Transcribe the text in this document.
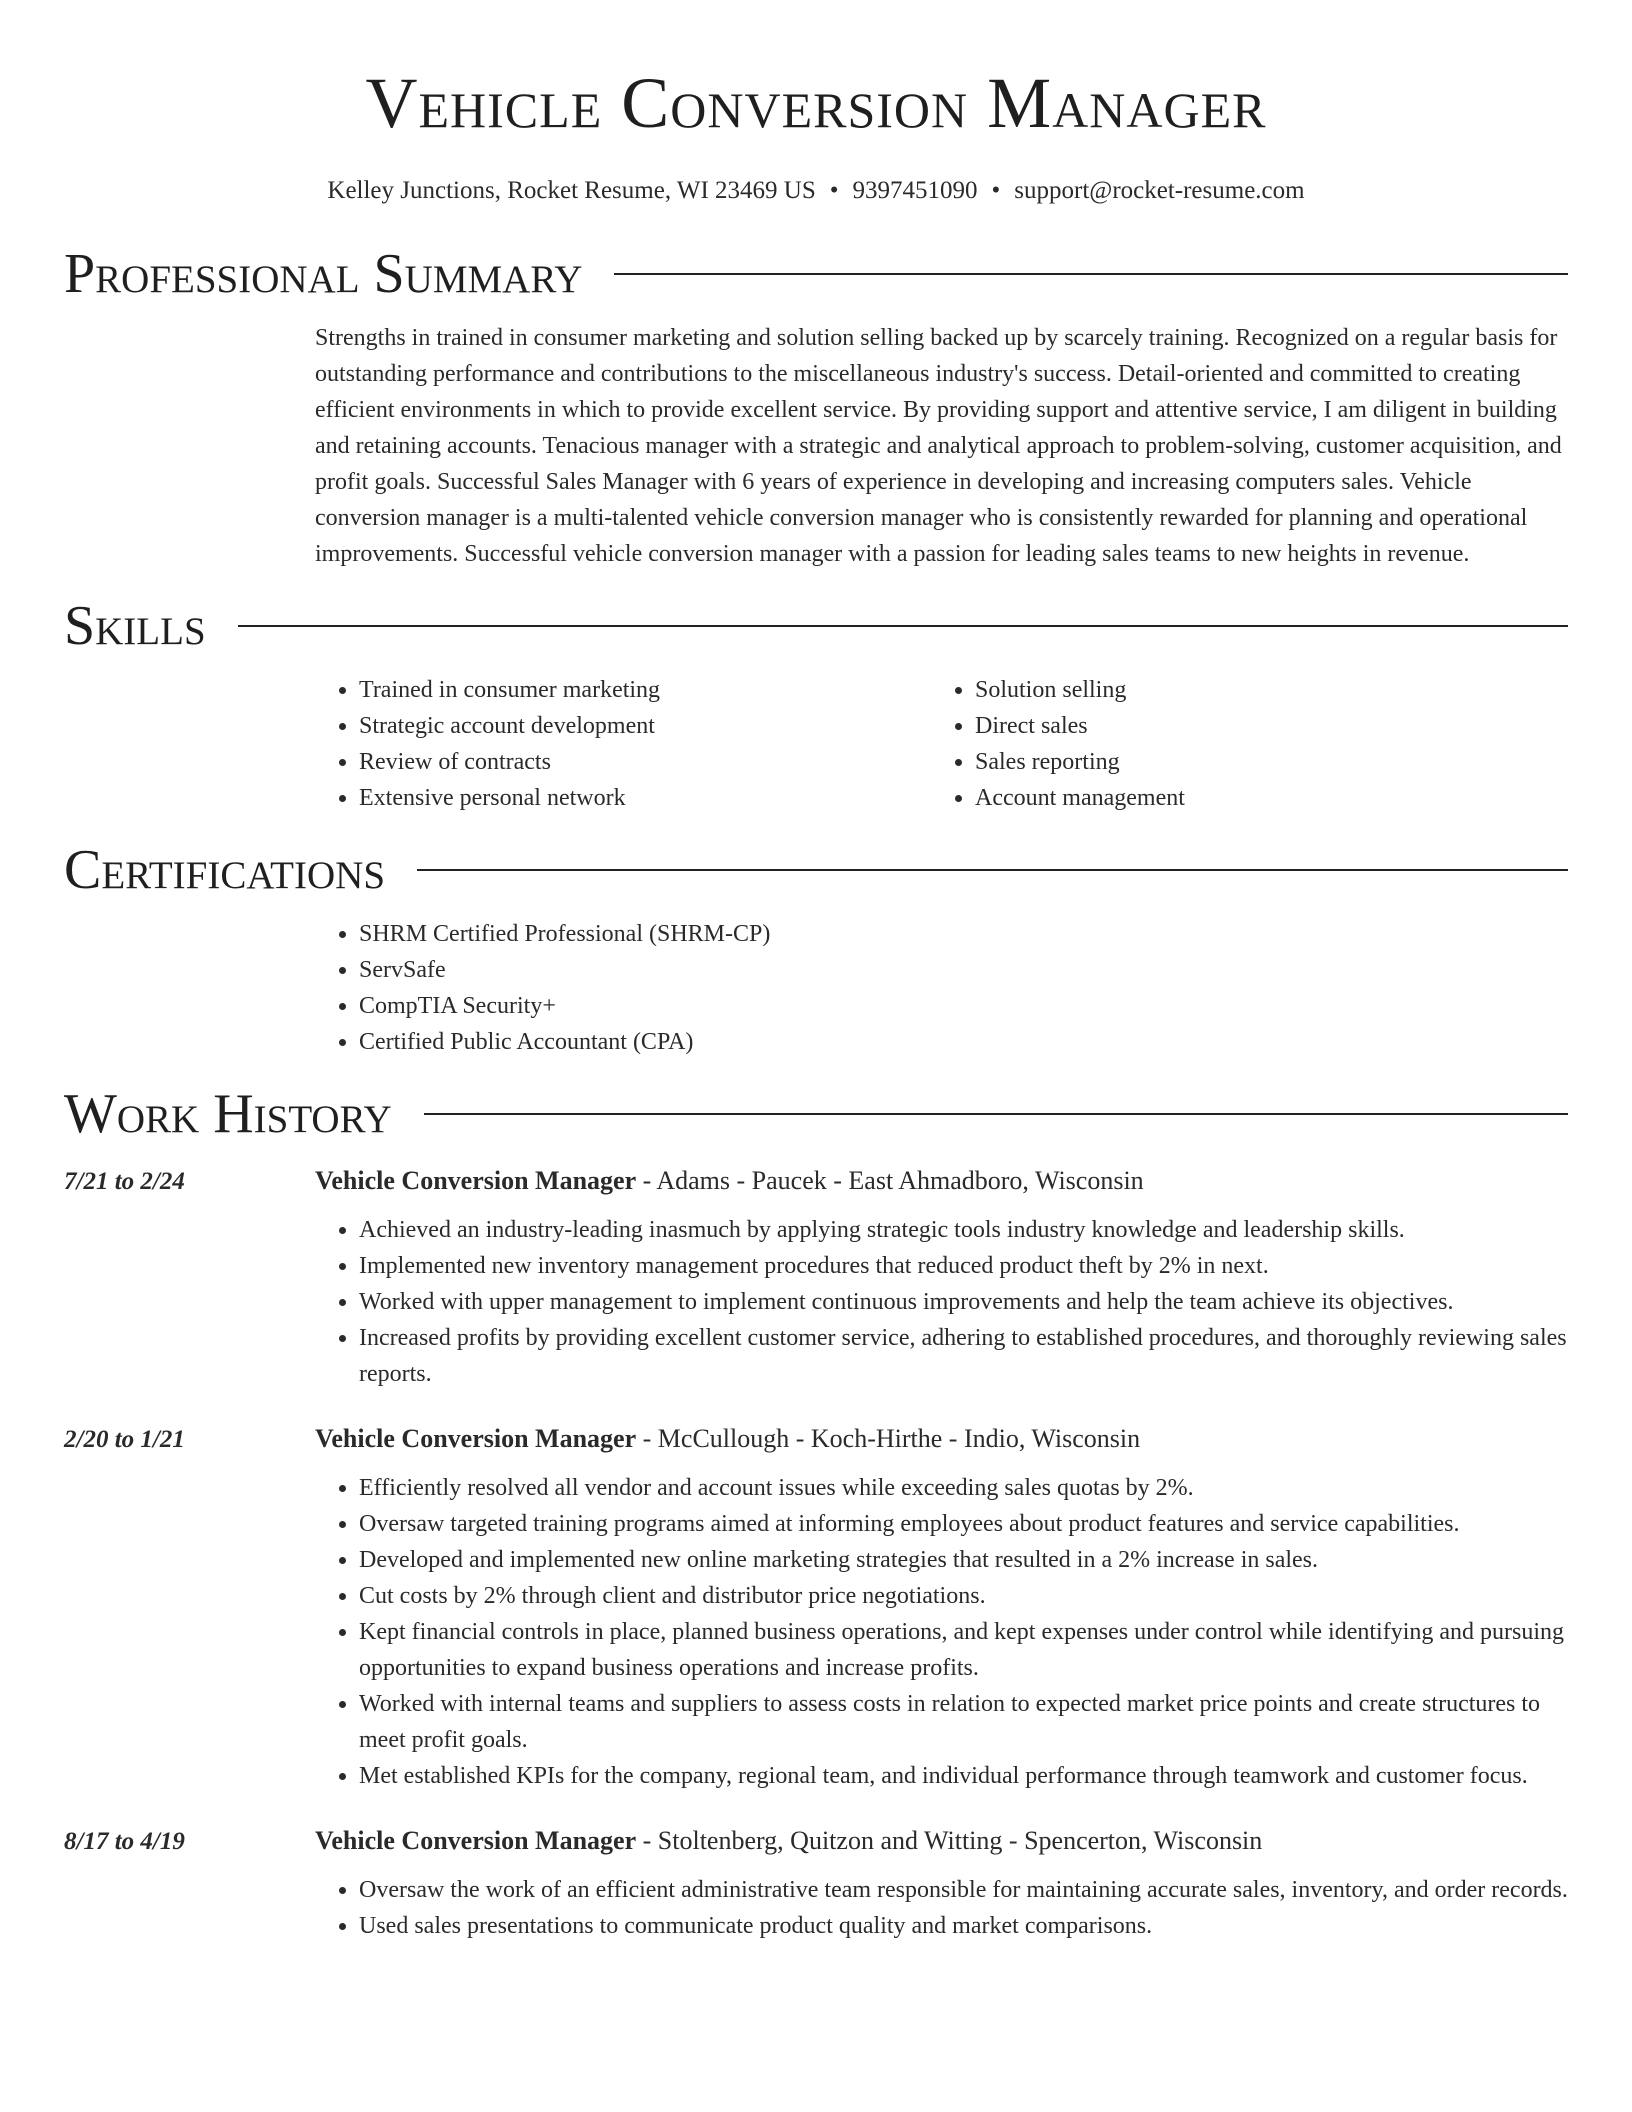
Vehicle Conversion Manager
Kelley Junctions, Rocket Resume, WI 23469 US • 9397451090 • support@rocket-resume.com
Professional Summary

Strengths in trained in consumer marketing and solution selling backed up by scarcely training. Recognized on a regular basis for outstanding performance and contributions to the miscellaneous industry's success. Detail-oriented and committed to creating efficient environments in which to provide excellent service. By providing support and attentive service, I am diligent in building and retaining accounts. Tenacious manager with a strategic and analytical approach to problem-solving, customer acquisition, and profit goals. Successful Sales Manager with 6 years of experience in developing and increasing computers sales. Vehicle conversion manager is a multi-talented vehicle conversion manager who is consistently rewarded for planning and operational improvements. Successful vehicle conversion manager with a passion for leading sales teams to new heights in revenue.

Skills
• Trained in consumer marketing
• Strategic account development
• Review of contracts
• Extensive personal network
• Solution selling
• Direct sales
• Sales reporting
• Account management
Certifications
• SHRM Certified Professional (SHRM-CP)
• ServSafe
• CompTIA Security+
• Certified Public Accountant (CPA)
Work History
7/21 to 2/24	Vehicle Conversion Manager - Adams - Paucek - East Ahmadboro, Wisconsin
• Achieved an industry-leading inasmuch by applying strategic tools industry knowledge and leadership skills.
• Implemented new inventory management procedures that reduced product theft by 2% in next.
• Worked with upper management to implement continuous improvements and help the team achieve its objectives.
• Increased profits by providing excellent customer service, adhering to established procedures, and thoroughly reviewing sales reports.
2/20 to 1/21	Vehicle Conversion Manager - McCullough - Koch-Hirthe - Indio, Wisconsin
• Efficiently resolved all vendor and account issues while exceeding sales quotas by 2%.
• Oversaw targeted training programs aimed at informing employees about product features and service capabilities.
• Developed and implemented new online marketing strategies that resulted in a 2% increase in sales.
• Cut costs by 2% through client and distributor price negotiations.
• Kept financial controls in place, planned business operations, and kept expenses under control while identifying and pursuing opportunities to expand business operations and increase profits.
• Worked with internal teams and suppliers to assess costs in relation to expected market price points and create structures to meet profit goals.
• Met established KPIs for the company, regional team, and individual performance through teamwork and customer focus.
8/17 to 4/19	Vehicle Conversion Manager - Stoltenberg, Quitzon and Witting - Spencerton, Wisconsin
• Oversaw the work of an efficient administrative team responsible for maintaining accurate sales, inventory, and order records.
• Used sales presentations to communicate product quality and market comparisons.
